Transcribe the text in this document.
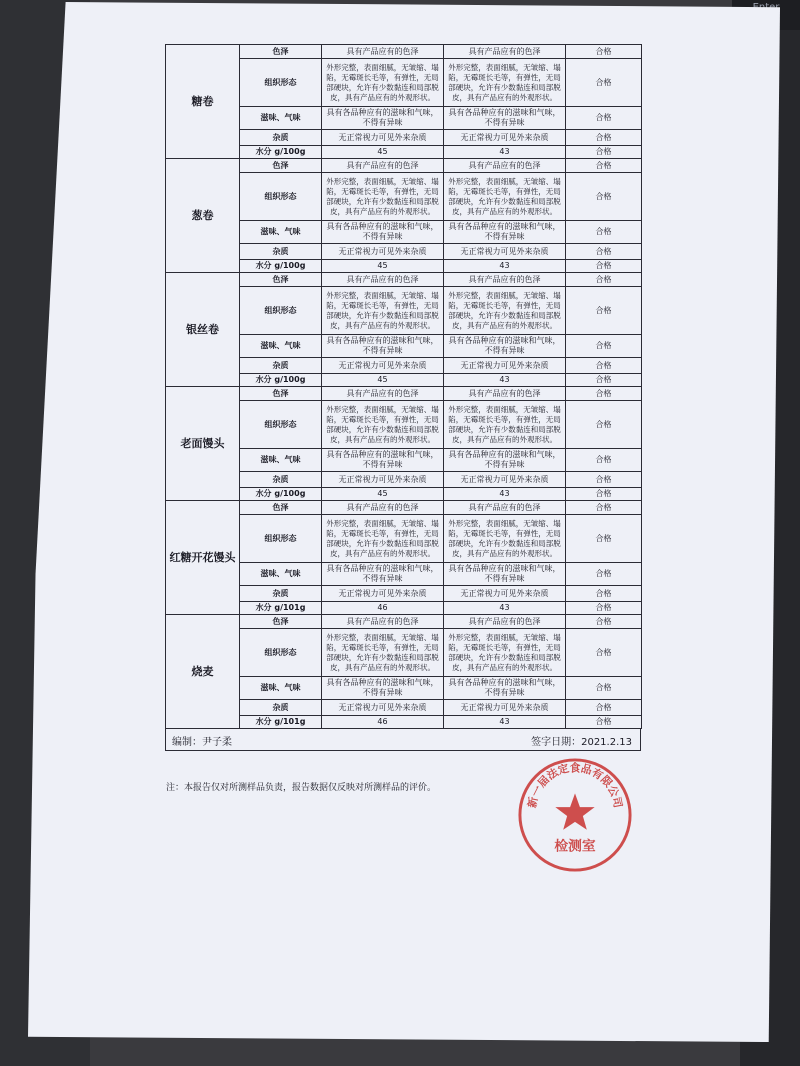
糖卷	色泽	具有产品应有的色泽	具有产品应有的色泽	合格
	组织形态	外形完整，表面细腻，无皱缩、塌陷，无霉斑长毛等，有弹性，无局部硬块，允许有少数黏连和局部脱皮，具有产品应有的外观形状。	外形完整，表面细腻，无皱缩、塌陷，无霉斑长毛等，有弹性，无局部硬块，允许有少数黏连和局部脱皮，具有产品应有的外观形状。	合格
	滋味、气味	具有各品种应有的滋味和气味，不得有异味	具有各品种应有的滋味和气味，不得有异味	合格
	杂质	无正常视力可见外来杂质	无正常视力可见外来杂质	合格
	水分 g/100g	45	43	合格
葱卷	色泽	具有产品应有的色泽	具有产品应有的色泽	合格
	组织形态	外形完整，表面细腻，无皱缩、塌陷，无霉斑长毛等，有弹性，无局部硬块，允许有少数黏连和局部脱皮，具有产品应有的外观形状。	外形完整，表面细腻，无皱缩、塌陷，无霉斑长毛等，有弹性，无局部硬块，允许有少数黏连和局部脱皮，具有产品应有的外观形状。	合格
	滋味、气味	具有各品种应有的滋味和气味，不得有异味	具有各品种应有的滋味和气味，不得有异味	合格
	杂质	无正常视力可见外来杂质	无正常视力可见外来杂质	合格
	水分 g/100g	45	43	合格
银丝卷	色泽	具有产品应有的色泽	具有产品应有的色泽	合格
	组织形态	外形完整，表面细腻，无皱缩、塌陷，无霉斑长毛等，有弹性，无局部硬块，允许有少数黏连和局部脱皮，具有产品应有的外观形状。	外形完整，表面细腻，无皱缩、塌陷，无霉斑长毛等，有弹性，无局部硬块，允许有少数黏连和局部脱皮，具有产品应有的外观形状。	合格
	滋味、气味	具有各品种应有的滋味和气味，不得有异味	具有各品种应有的滋味和气味，不得有异味	合格
	杂质	无正常视力可见外来杂质	无正常视力可见外来杂质	合格
	水分 g/100g	45	43	合格
老面馒头	色泽	具有产品应有的色泽	具有产品应有的色泽	合格
	组织形态	外形完整，表面细腻，无皱缩、塌陷，无霉斑长毛等，有弹性，无局部硬块，允许有少数黏连和局部脱皮，具有产品应有的外观形状。	外形完整，表面细腻，无皱缩、塌陷，无霉斑长毛等，有弹性，无局部硬块，允许有少数黏连和局部脱皮，具有产品应有的外观形状。	合格
	滋味、气味	具有各品种应有的滋味和气味，不得有异味	具有各品种应有的滋味和气味，不得有异味	合格
	杂质	无正常视力可见外来杂质	无正常视力可见外来杂质	合格
	水分 g/100g	45	43	合格
红糖开花馒头	色泽	具有产品应有的色泽	具有产品应有的色泽	合格
	组织形态	外形完整，表面细腻，无皱缩、塌陷，无霉斑长毛等，有弹性，无局部硬块，允许有少数黏连和局部脱皮，具有产品应有的外观形状。	外形完整，表面细腻，无皱缩、塌陷，无霉斑长毛等，有弹性，无局部硬块，允许有少数黏连和局部脱皮，具有产品应有的外观形状。	合格
	滋味、气味	具有各品种应有的滋味和气味，不得有异味	具有各品种应有的滋味和气味，不得有异味	合格
	杂质	无正常视力可见外来杂质	无正常视力可见外来杂质	合格
	水分 g/101g	46	43	合格
烧麦	色泽	具有产品应有的色泽	具有产品应有的色泽	合格
	组织形态	外形完整，表面细腻，无皱缩、塌陷，无霉斑长毛等，有弹性，无局部硬块，允许有少数黏连和局部脱皮，具有产品应有的外观形状。	外形完整，表面细腻，无皱缩、塌陷，无霉斑长毛等，有弹性，无局部硬块，允许有少数黏连和局部脱皮，具有产品应有的外观形状。	合格
	滋味、气味	具有各品种应有的滋味和气味，不得有异味	具有各品种应有的滋味和气味，不得有异味	合格
	杂质	无正常视力可见外来杂质	无正常视力可见外来杂质	合格
	水分 g/101g	46	43	合格
编制：尹子柔	签字日期：2021.2.13
注：本报告仅对所测样品负责，报告数据仅反映对所测样品的评价。
新一届法定食品有限公司
检测室
